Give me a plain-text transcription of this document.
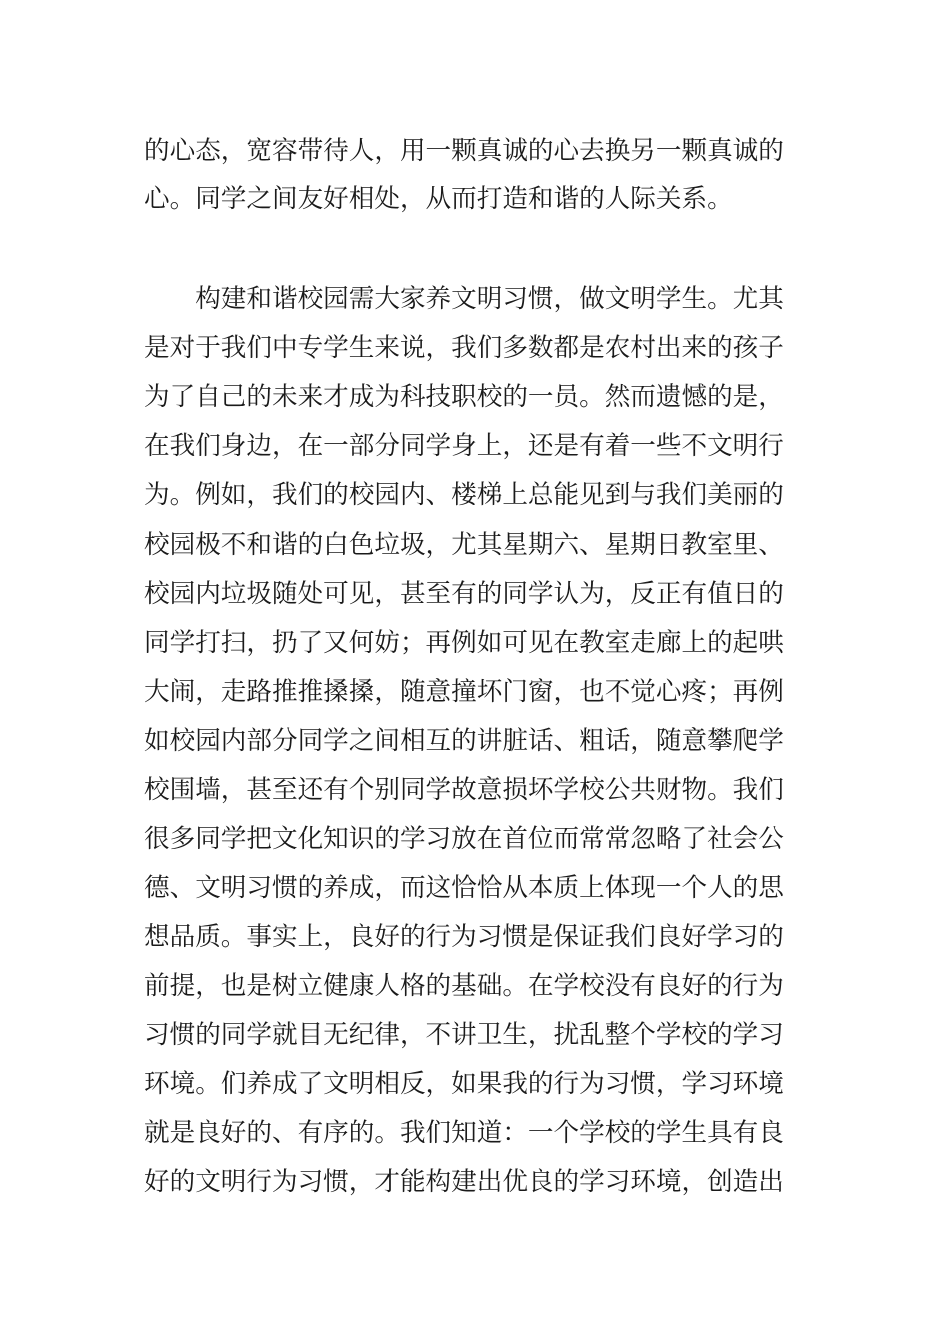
的心态，宽容带待人，用一颗真诚的心去换另一颗真诚的
心。同学之间友好相处，从而打造和谐的人际关系。
　　构建和谐校园需大家养文明习惯，做文明学生。尤其
是对于我们中专学生来说，我们多数都是农村出来的孩子
为了自己的未来才成为科技职校的一员。然而遗憾的是，
在我们身边，在一部分同学身上，还是有着一些不文明行
为。例如，我们的校园内、楼梯上总能见到与我们美丽的
校园极不和谐的白色垃圾，尤其星期六、星期日教室里、
校园内垃圾随处可见，甚至有的同学认为，反正有值日的
同学打扫，扔了又何妨；再例如可见在教室走廊上的起哄
大闹，走路推推搡搡，随意撞坏门窗，也不觉心疼；再例
如校园内部分同学之间相互的讲脏话、粗话，随意攀爬学
校围墙，甚至还有个别同学故意损坏学校公共财物。我们
很多同学把文化知识的学习放在首位而常常忽略了社会公
德、文明习惯的养成，而这恰恰从本质上体现一个人的思
想品质。事实上，良好的行为习惯是保证我们良好学习的
前提，也是树立健康人格的基础。在学校没有良好的行为
习惯的同学就目无纪律，不讲卫生，扰乱整个学校的学习
环境。们养成了文明相反，如果我的行为习惯，学习环境
就是良好的、有序的。我们知道：一个学校的学生具有良
好的文明行为习惯，才能构建出优良的学习环境，创造出
